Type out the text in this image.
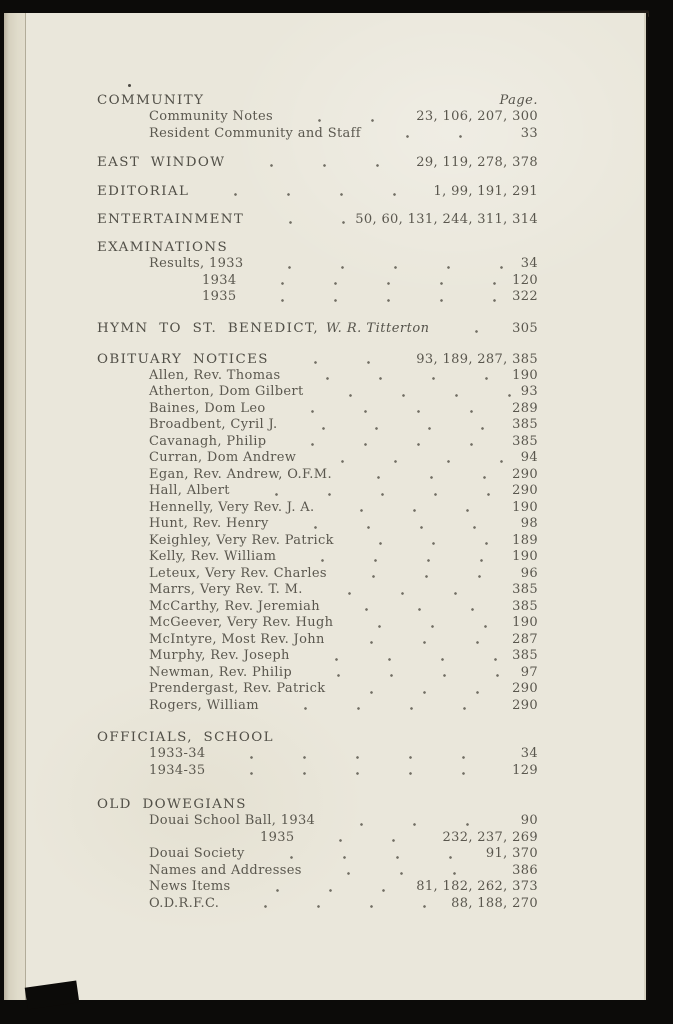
COMMUNITY	Page.
Community Notes	23, 106, 207, 300
Resident Community and Staff	33
EAST WINDOW	29, 119, 278, 378
EDITORIAL	1, 99, 191, 291
ENTERTAINMENT	50, 60, 131, 244, 311, 314
EXAMINATIONS
Results, 1933	34
1934	120
1935	322
HYMN TO ST. BENEDICT, W. R. Titterton	305
OBITUARY NOTICES	93, 189, 287, 385
Allen, Rev. Thomas	190
Atherton, Dom Gilbert	93
Baines, Dom Leo	289
Broadbent, Cyril J.	385
Cavanagh, Philip	385
Curran, Dom Andrew	94
Egan, Rev. Andrew, O.F.M.	290
Hall, Albert	290
Hennelly, Very Rev. J. A.	190
Hunt, Rev. Henry	98
Keighley, Very Rev. Patrick	189
Kelly, Rev. William	190
Leteux, Very Rev. Charles	96
Marrs, Very Rev. T. M.	385
McCarthy, Rev. Jeremiah	385
McGeever, Very Rev. Hugh	190
McIntyre, Most Rev. John	287
Murphy, Rev. Joseph	385
Newman, Rev. Philip	97
Prendergast, Rev. Patrick	290
Rogers, William	290
OFFICIALS, SCHOOL
1933-34	34
1934-35	129
OLD DOWEGIANS
Douai School Ball, 1934	90
1935	232, 237, 269
Douai Society	91, 370
Names and Addresses	386
News Items	81, 182, 262, 373
O.D.R.F.C.	88, 188, 270
